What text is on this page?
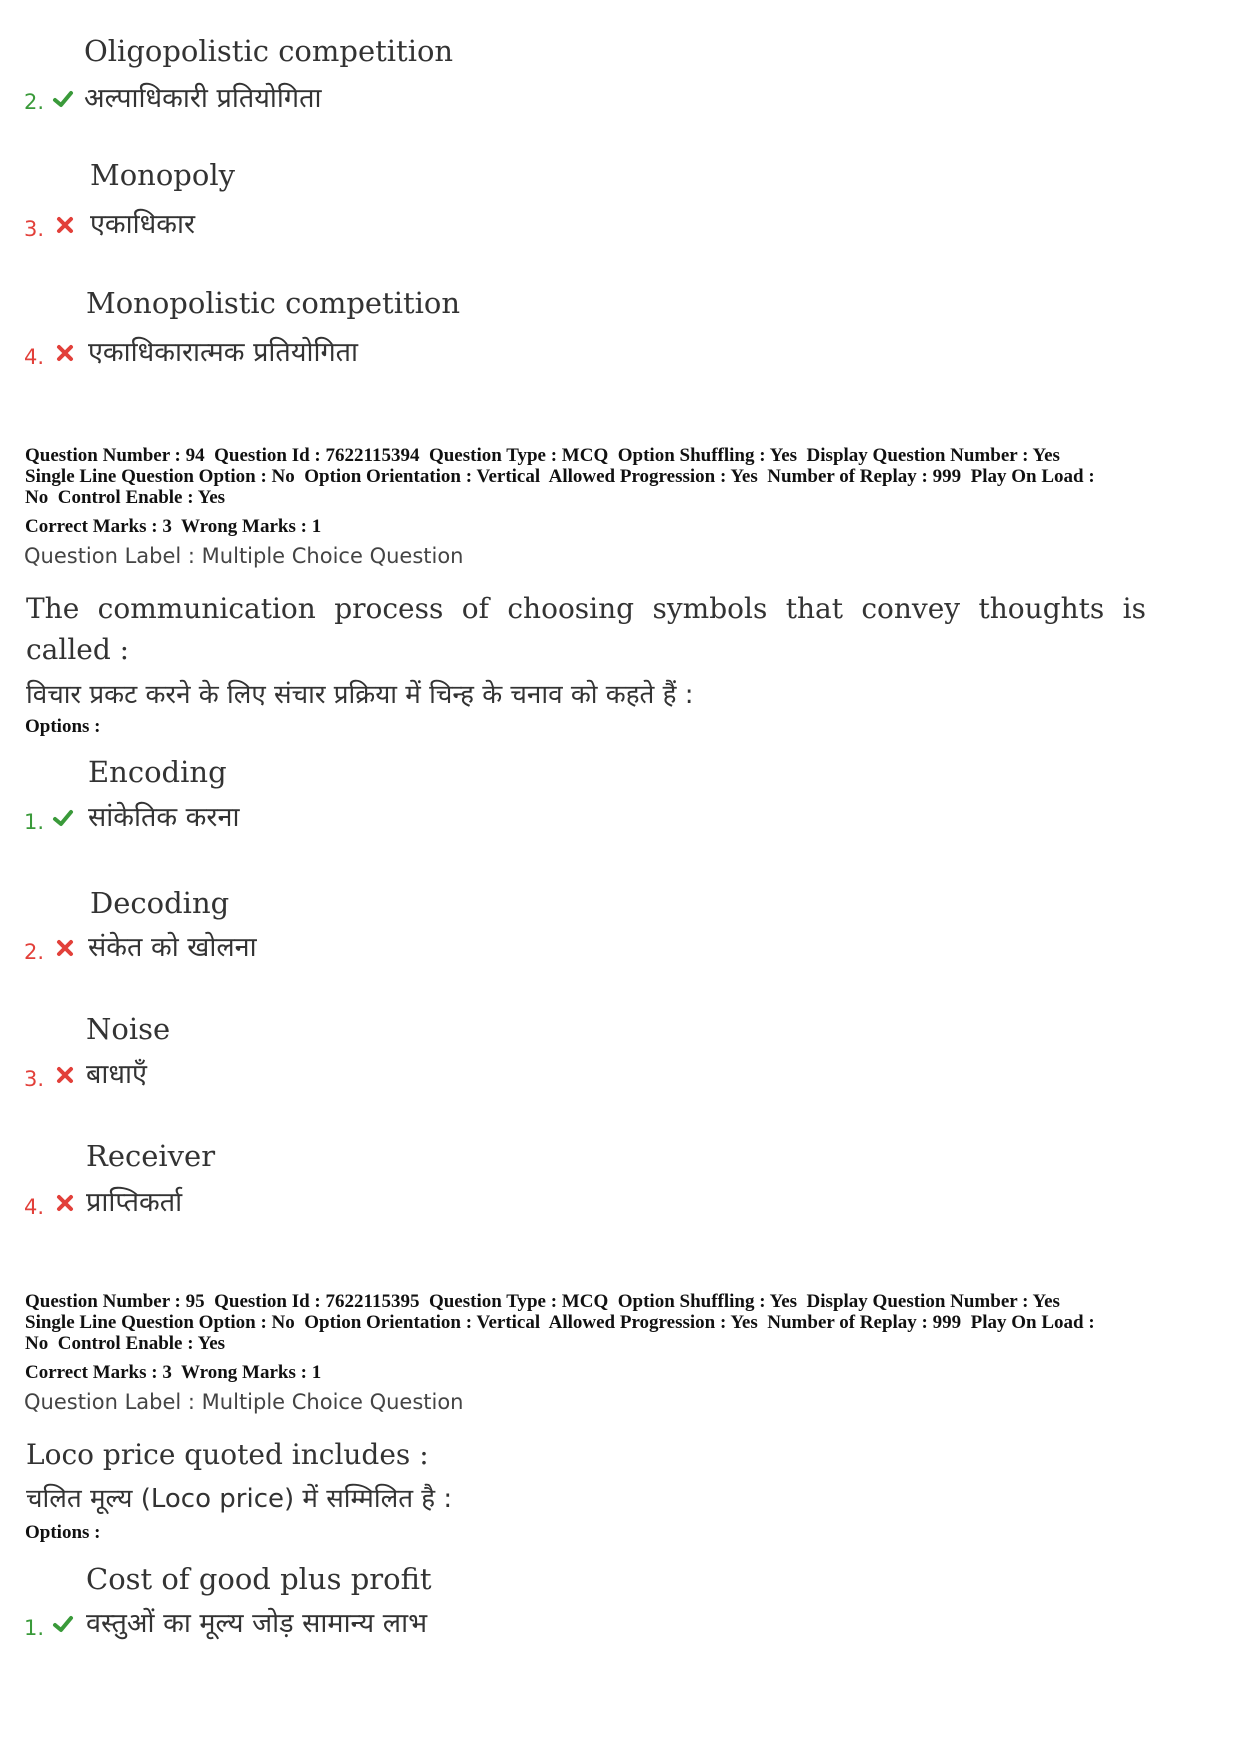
Oligopolistic competition
2. अल्पाधिकारी प्रतियोगिता
Monopoly
3. एकाधिकार
Monopolistic competition
4. एकाधिकारात्मक प्रतियोगिता
Question Number : 94  Question Id : 7622115394  Question Type : MCQ  Option Shuffling : Yes  Display Question Number : Yes
Single Line Question Option : No  Option Orientation : Vertical  Allowed Progression : Yes  Number of Replay : 999  Play On Load :
No  Control Enable : Yes
Correct Marks : 3  Wrong Marks : 1
Question Label : Multiple Choice Question
The communication process of choosing symbols that convey thoughts is
called :
विचार प्रकट करने के लिए संचार प्रक्रिया में चिन्ह के चनाव को कहते हैं :
Options :
Encoding
1. सांकेतिक करना
Decoding
2. संकेत को खोलना
Noise
3. बाधाएँ
Receiver
4. प्राप्तिकर्ता
Question Number : 95  Question Id : 7622115395  Question Type : MCQ  Option Shuffling : Yes  Display Question Number : Yes
Single Line Question Option : No  Option Orientation : Vertical  Allowed Progression : Yes  Number of Replay : 999  Play On Load :
No  Control Enable : Yes
Correct Marks : 3  Wrong Marks : 1
Question Label : Multiple Choice Question
Loco price quoted includes :
चलित मूल्य (Loco price) में सम्मिलित है :
Options :
Cost of good plus profit
1. वस्तुओं का मूल्य जोड़ सामान्य लाभ
